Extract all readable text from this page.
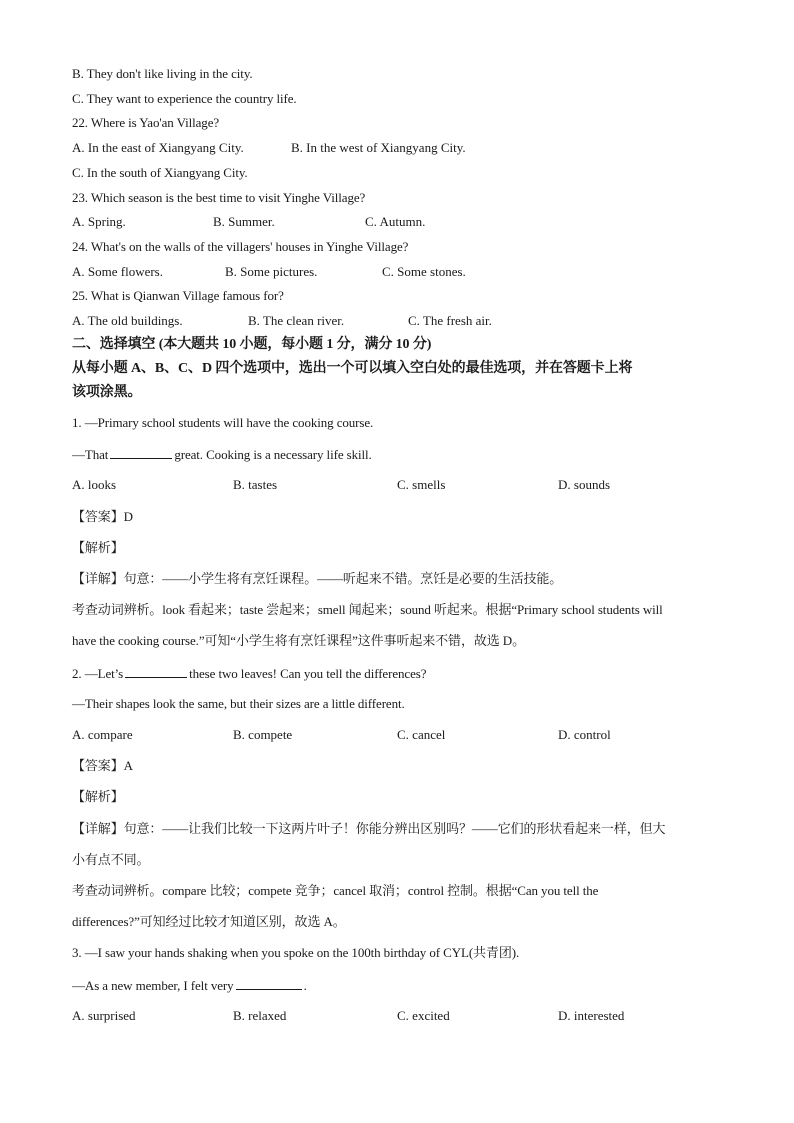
B. They don't like living in the city.
C. They want to experience the country life.
22. Where is Yao'an Village?
A. In the east of Xiangyang City.	B. In the west of Xiangyang City.
C. In the south of Xiangyang City.
23. Which season is the best time to visit Yinghe Village?
A. Spring.	B. Summer.	C. Autumn.
24. What's on the walls of the villagers' houses in Yinghe Village?
A. Some flowers.	B. Some pictures.	C. Some stones.
25. What is Qianwan Village famous for?
A. The old buildings.	B. The clean river.	C. The fresh air.
二、选择填空 (本大题共 10 小题，每小题 1 分，满分 10 分)
从每小题 A、B、C、D 四个选项中，选出一个可以填入空白处的最佳选项，并在答题卡上将
该项涂黑。
1. —Primary school students will have the cooking course.
—That	great. Cooking is a necessary life skill.
A. looks	B. tastes	C. smells	D. sounds
【答案】D
【解析】
【详解】句意：——小学生将有烹饪课程。——听起来不错。烹饪是必要的生活技能。
考查动词辨析。look 看起来；taste 尝起来；smell 闻起来；sound 听起来。根据“Primary school students will
have the cooking course.”可知“小学生将有烹饪课程”这件事听起来不错，故选 D。
2. —Let’s	these two leaves! Can you tell the differences?
—Their shapes look the same, but their sizes are a little different.
A. compare	B. compete	C. cancel	D. control
【答案】A
【解析】
【详解】句意：——让我们比较一下这两片叶子！你能分辨出区别吗？——它们的形状看起来一样，但大
小有点不同。
考查动词辨析。compare 比较；compete 竞争；cancel 取消；control 控制。根据“Can you tell the
differences?”可知经过比较才知道区别，故选 A。
3. —I saw your hands shaking when you spoke on the 100th birthday of CYL(共青团).
—As a new member, I felt very	.
A. surprised	B. relaxed	C. excited	D. interested
